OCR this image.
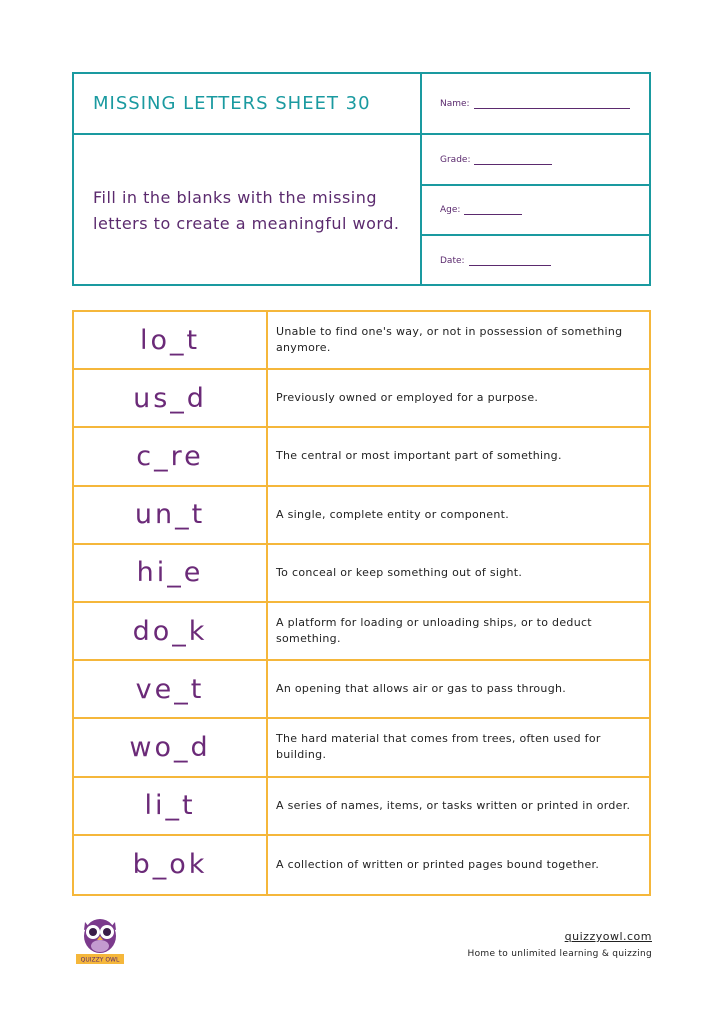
MISSING LETTERS SHEET 30
Fill in the blanks with the missing letters to create a meaningful word.
Name:
Grade:
Age:
Date:
lo_t	Unable to find one's way, or not in possession of something anymore.
us_d	Previously owned or employed for a purpose.
c_re	The central or most important part of something.
un_t	A single, complete entity or component.
hi_e	To conceal or keep something out of sight.
do_k	A platform for loading or unloading ships, or to deduct something.
ve_t	An opening that allows air or gas to pass through.
wo_d	The hard material that comes from trees, often used for building.
li_t	A series of names, items, or tasks written or printed in order.
b_ok	A collection of written or printed pages bound together.
QUIZZY OWL
quizzyowl.com
Home to unlimited learning & quizzing
